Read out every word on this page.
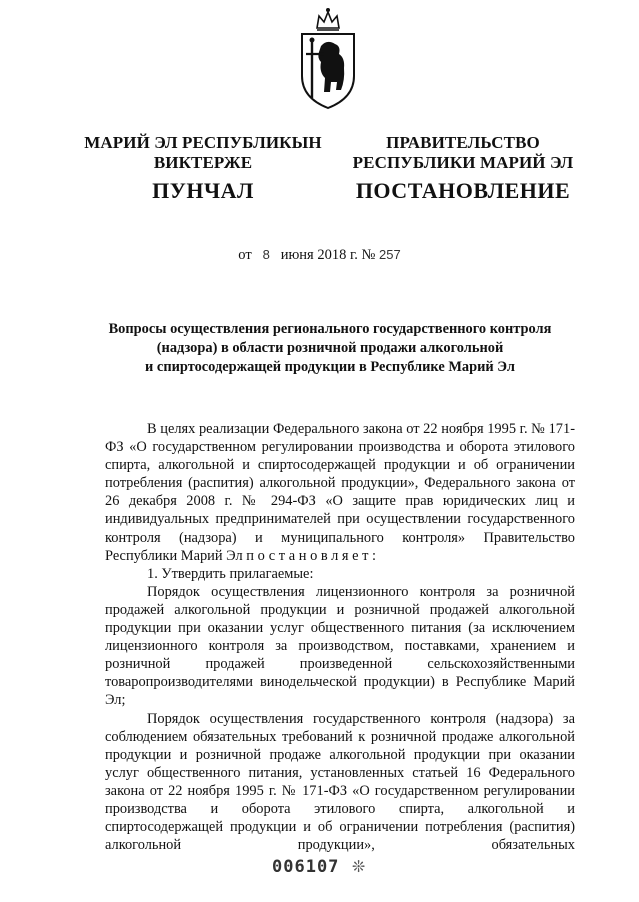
МАРИЙ ЭЛ РЕСПУБЛИКЫН
ВИКТЕРЖЕ
ПУНЧАЛ
ПРАВИТЕЛЬСТВО
РЕСПУБЛИКИ МАРИЙ ЭЛ
ПОСТАНОВЛЕНИЕ
от 8 июня 2018 г. № 257
Вопросы осуществления регионального государственного контроля
(надзора) в области розничной продажи алкогольной
и спиртосодержащей продукции в Республике Марий Эл

В целях реализации Федерального закона от 22 ноября 1995 г. № 171-ФЗ «О государственном регулировании производства и оборота этилового спирта, алкогольной и спиртосодержащей продукции и об ограничении потребления (распития) алкогольной продукции», Федерального закона от 26 декабря 2008 г. № 294-ФЗ «О защите прав юридических лиц и индивидуальных предпринимателей при осуществлении государственного контроля (надзора) и муниципального контроля» Правительство Республики Марий Эл постановляет:

1. Утвердить прилагаемые:

Порядок осуществления лицензионного контроля за розничной продажей алкогольной продукции и розничной продажей алкогольной продукции при оказании услуг общественного питания (за исключением лицензионного контроля за производством, поставками, хранением и розничной продажей произведенной сельскохозяйственными товаропроизводителями винодельческой продукции) в Республике Марий Эл;

Порядок осуществления государственного контроля (надзора) за соблюдением обязательных требований к розничной продаже алкогольной продукции и розничной продаже алкогольной продукции при оказании услуг общественного питания, установленных статьей 16 Федерального закона от 22 ноября 1995 г. № 171-ФЗ «О государственном регулировании производства и оборота этилового спирта, алкогольной и спиртосодержащей продукции и об ограничении потребления (распития) алкогольной продукции», обязательных

006107 ❊
